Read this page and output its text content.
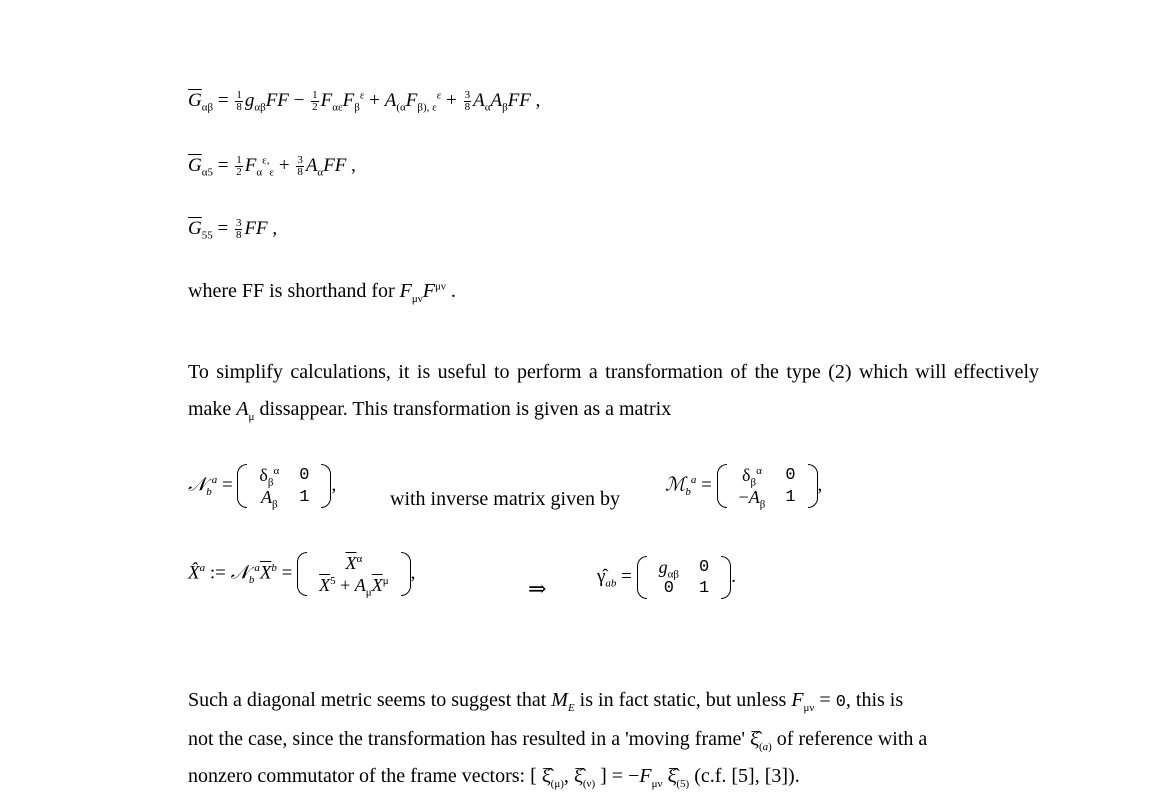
$\overline{G}_{\alpha\beta} = \frac{1}{8} g_{\alpha\beta}FF - \frac{1}{2} F_{\alpha\varepsilon}F_\beta^\varepsilon + A_{(\alpha}F_{\beta), \varepsilon}^\varepsilon + \frac{3}{8} A_\alpha A_\beta FF$ ,
$\overline{G}_{\alpha 5} = \frac{1}{2} F_\alpha^{\varepsilon,}_\varepsilon + \frac{3}{8} A_\alpha FF$ ,
$\overline{G}_{55} = \frac{3}{8}$ FF ,
where FF is shorthand for $F_{\mu\nu}F^{\mu\nu}$ .
To simplify calculations, it is useful to perform a transformation of the type (2) which will effectively make $A_\mu$ dissappear. This transformation is given as a matrix
𝒩$_b^a$ = $\delta_\beta^\alpha$	0
$A_\beta$	1
,
with inverse matrix given by
ℳ$_b^a$ = $\delta_\beta^\alpha$	0
$-A_\beta$	1
,
X̂$^a$ := $𝒩_b^a\overline{X}^b$ =	$\overline{X}^\alpha$
$\overline{X}^5 + A_\mu\overline{X}^\mu$ ,
⇒	$\gammâ_{ab} = g_{\alpha\beta}$	0
0	1
.
Such a diagonal metric seems to suggest that $M_E$ is in fact static, but unless $F_{\mu\nu} = 0$, this is
not the case, since the transformation has resulted in a 'moving frame' $\xî_{(a)}$ of reference with a
nonzero commutator of the frame vectors: [ $\xî_{(\mu)}$, $\xî_{(\nu)}$ ] = $-F_{\mu\nu}$ $\xî_{(5)}$ (c.f. [5], [3]).
